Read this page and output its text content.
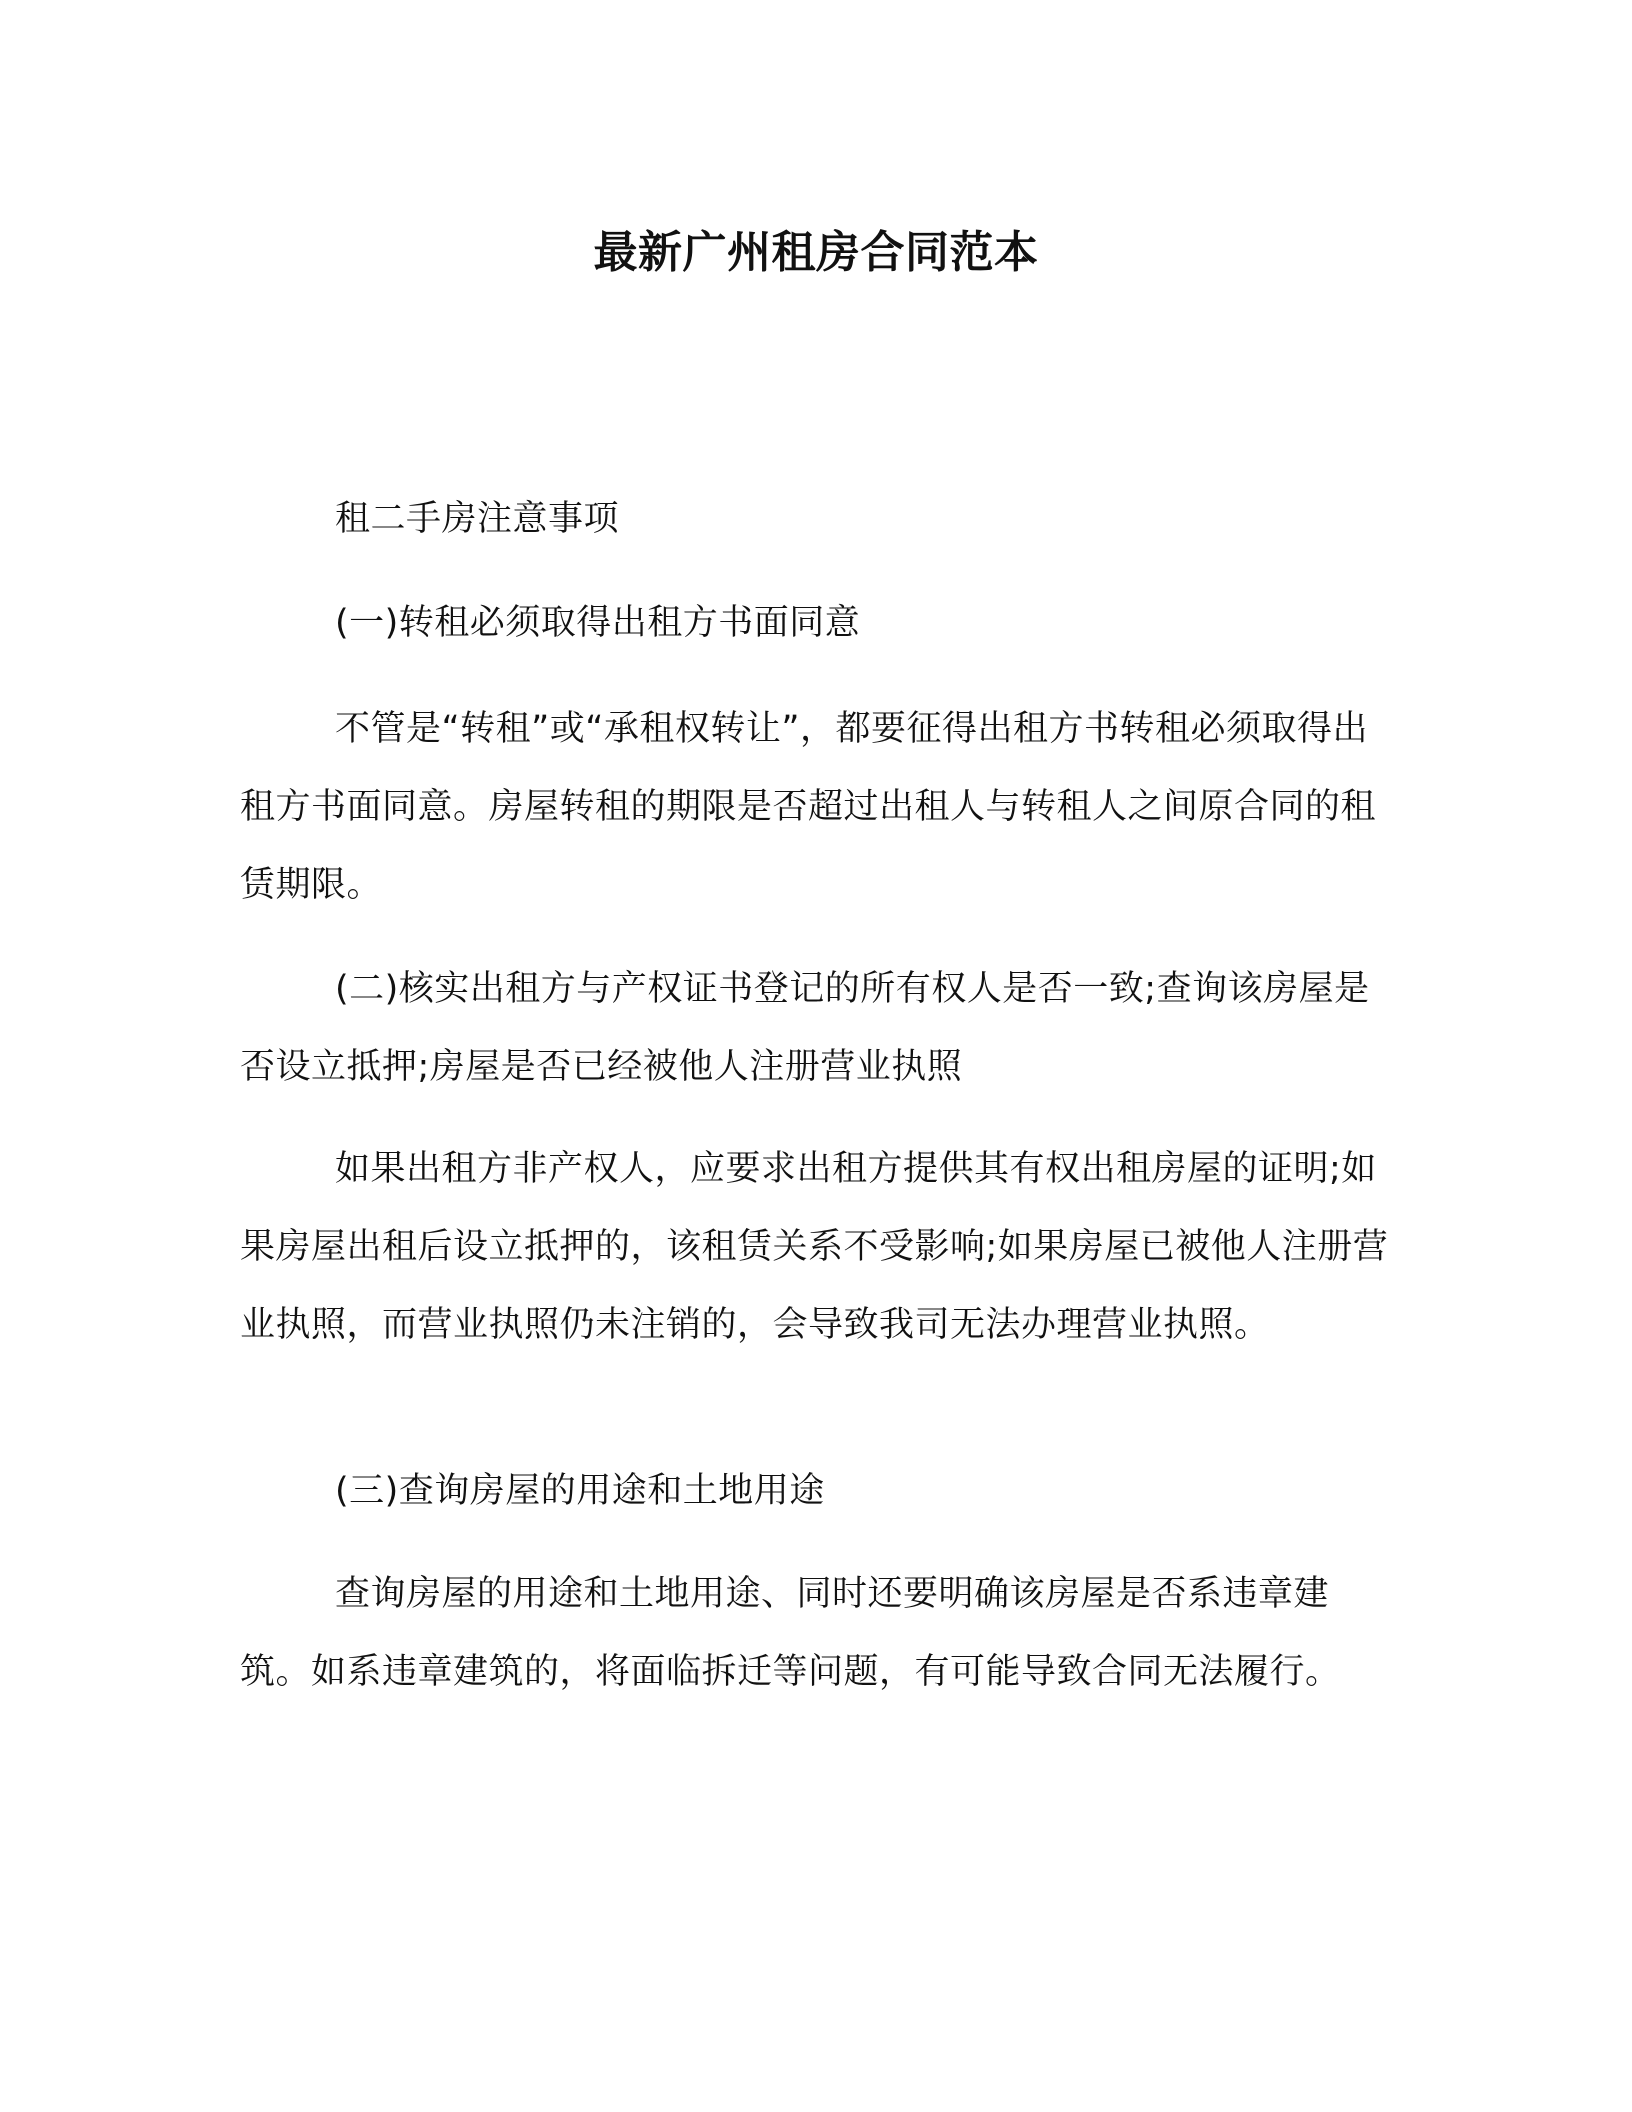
最新广州租房合同范本

租二手房注意事项

(一)转租必须取得出租方书面同意

不管是“转租”或“承租权转让”，都要征得出租方书转租必须取得出租方书面同意。房屋转租的期限是否超过出租人与转租人之间原合同的租赁期限。

(二)核实出租方与产权证书登记的所有权人是否一致;查询该房屋是否设立抵押;房屋是否已经被他人注册营业执照

如果出租方非产权人，应要求出租方提供其有权出租房屋的证明;如果房屋出租后设立抵押的，该租赁关系不受影响;如果房屋已被他人注册营业执照，而营业执照仍未注销的，会导致我司无法办理营业执照。

(三)查询房屋的用途和土地用途

查询房屋的用途和土地用途、同时还要明确该房屋是否系违章建筑。如系违章建筑的，将面临拆迁等问题，有可能导致合同无法履行。
